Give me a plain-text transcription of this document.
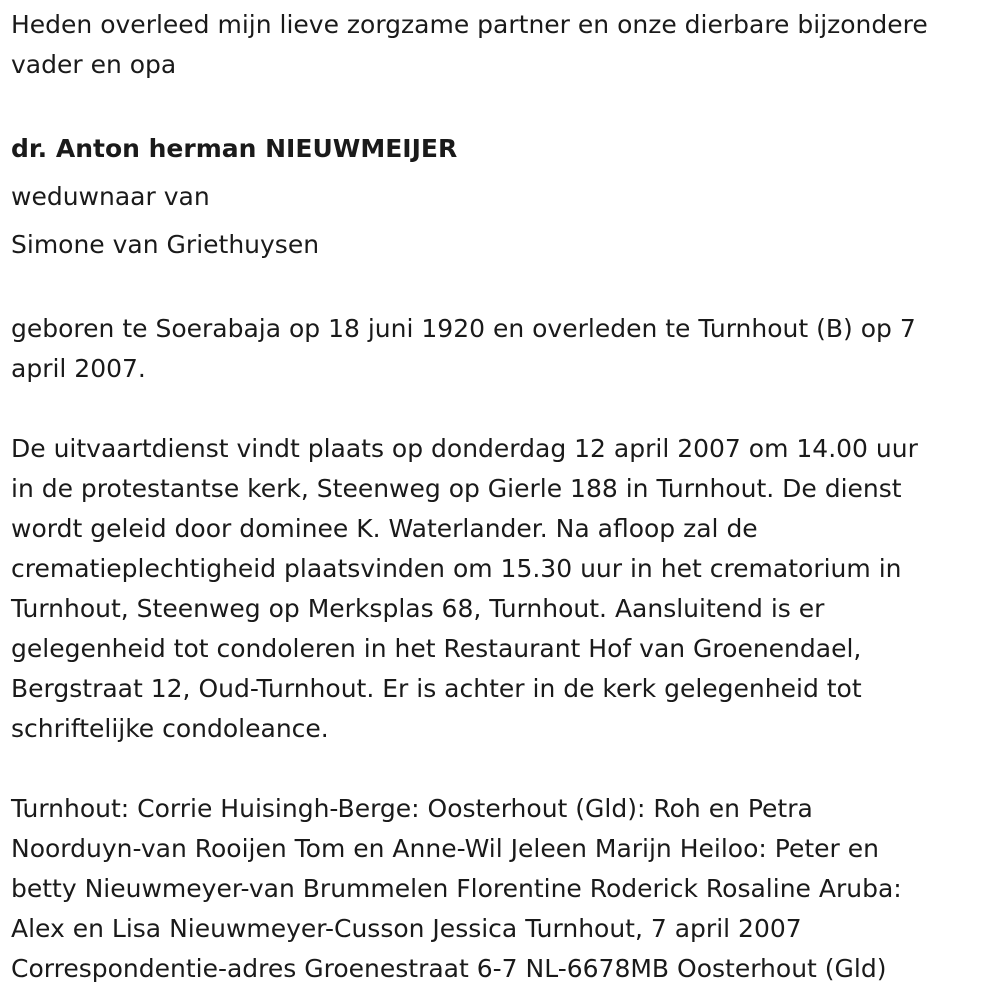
Heden overleed mijn lieve zorgzame partner en onze dierbare bijzondere
vader en opa
dr. Anton herman NIEUWMEIJER
weduwnaar van
Simone van Griethuysen
geboren te Soerabaja op 18 juni 1920 en overleden te Turnhout (B) op 7
april 2007.
De uitvaartdienst vindt plaats op donderdag 12 april 2007 om 14.00 uur
in de protestantse kerk, Steenweg op Gierle 188 in Turnhout. De dienst
wordt geleid door dominee K. Waterlander. Na afloop zal de
crematieplechtigheid plaatsvinden om 15.30 uur in het crematorium in
Turnhout, Steenweg op Merksplas 68, Turnhout. Aansluitend is er
gelegenheid tot condoleren in het Restaurant Hof van Groenendael,
Bergstraat 12, Oud-Turnhout. Er is achter in de kerk gelegenheid tot
schriftelijke condoleance.
Turnhout: Corrie Huisingh-Berge: Oosterhout (Gld): Roh en Petra
Noorduyn-van Rooijen Tom en Anne-Wil Jeleen Marijn Heiloo: Peter en
betty Nieuwmeyer-van Brummelen Florentine Roderick Rosaline Aruba:
Alex en Lisa Nieuwmeyer-Cusson Jessica Turnhout, 7 april 2007
Correspondentie-adres Groenestraat 6-7 NL-6678MB Oosterhout (Gld)
